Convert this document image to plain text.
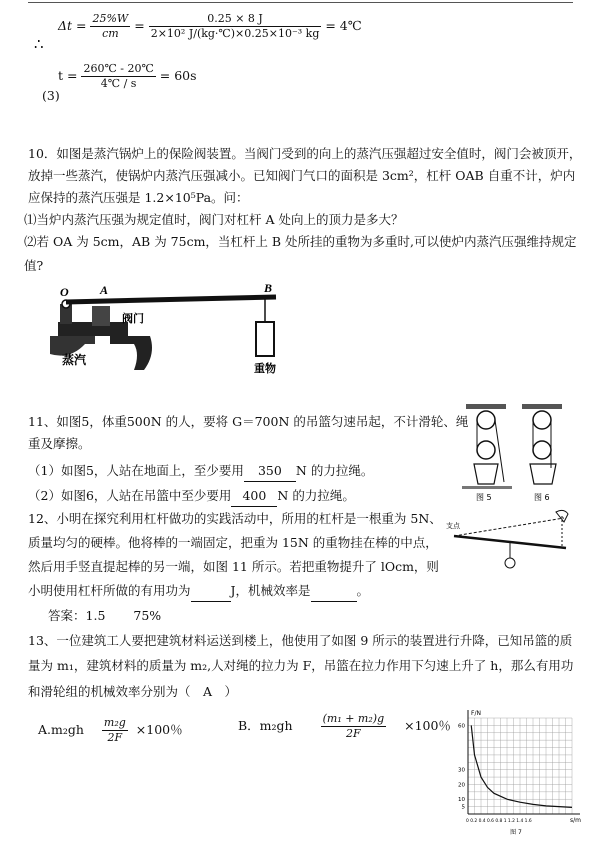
$\Delta t = \frac{25\%W}{cm} = \frac{0.25 \times 8 J}{\text{2×10² J/(kg·℃)×0.25×10⁻³ kg}}$ = 4℃
∴
$t = \frac{260℃ - 20℃}{4℃ / s} = 60s$
(3)
10．如图是蒸汽锅炉上的保险阀装置。当阀门受到的向上的蒸汽压强超过安全值时，阀门会被顶开，
放掉一些蒸汽，使锅炉内蒸汽压强减小。已知阀门气口的面积是 3cm²，杠杆 OAB 自重不计，炉内
应保持的蒸汽压强是 1.2×10⁵Pa。问：
⑴当炉内蒸汽压强为规定值时，阀门对杠杆 A 处向上的顶力是多大？
⑵若 OA 为 5cm，AB 为 75cm，当杠杆上 B 处所挂的重物为多重时,可以使炉内蒸汽压强维持规定
值?
O	A	B
阀门
蒸汽
重物
11、如图5，体重500N 的人，要将 G＝700N 的吊篮匀速吊起，不计滑轮、绳
重及摩擦。
（1）如图5，人站在地面上，至少要用 350 N 的力拉绳。
（2）如图6，人站在吊篮中至少要用 400 N 的力拉绳。	图 5	图 6
12、小明在探究利用杠杆做功的实践活动中，所用的杠杆是一根重为 5N、
质量均匀的硬棒。他将棒的一端固定，把重为 15N 的重物挂在棒的中点，
然后用手竖直提起棒的另一端，如图 11 所示。若把重物提升了 lOcm，则
小明使用杠杆所做的有用功为	J，机械效率是	。
答案：1.5 75%
支点
13、一位建筑工人要把建筑材料运送到楼上，他使用了如图 9 所示的装置进行升降，已知吊篮的质
量为 m₁，建筑材料的质量为 m₂,人对绳的拉力为 F，吊篮在拉力作用下匀速上升了 h，那么有用功
和滑轮组的机械效率分别为（　A　）
$A.m_2gh \frac{\text{m₂g}}{2F} \times 100$％	B．m₂gh	$\frac{\text{(m₁ + m₂)g}}{2F} \times 100$％
F/N
s/m
5
10
20
30
60
0 0.2 0.4 0.6 0.8 1 1.2 1.4 1.6
图 7
